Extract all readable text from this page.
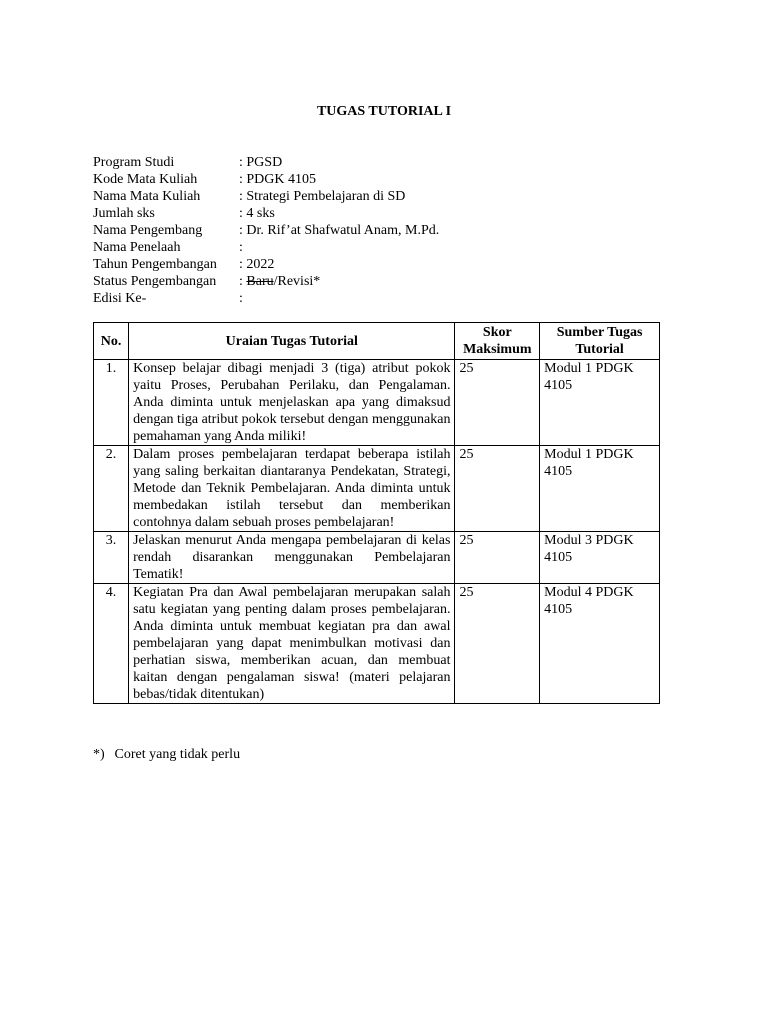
TUGAS TUTORIAL I
Program Studi	: PGSD
Kode Mata Kuliah	: PDGK 4105
Nama Mata Kuliah	: Strategi Pembelajaran di SD
Jumlah sks	: 4 sks
Nama Pengembang	: Dr. Rif’at Shafwatul Anam, M.Pd.
Nama Penelaah	:
Tahun Pengembangan	: 2022
Status Pengembangan	: Baru/Revisi*
Edisi Ke-	:
No.	Uraian Tugas Tutorial	Skor Maksimum	Sumber Tugas Tutorial
1.	Konsep belajar dibagi menjadi 3 (tiga) atribut pokok yaitu Proses, Perubahan Perilaku, dan Pengalaman. Anda diminta untuk menjelaskan apa yang dimaksud dengan tiga atribut pokok tersebut dengan menggunakan pemahaman yang Anda miliki!	25	Modul 1 PDGK 4105
2.	Dalam proses pembelajaran terdapat beberapa istilah yang saling berkaitan diantaranya Pendekatan, Strategi, Metode dan Teknik Pembelajaran. Anda diminta untuk membedakan istilah tersebut dan memberikan contohnya dalam sebuah proses pembelajaran!	25	Modul 1 PDGK 4105
3.	Jelaskan menurut Anda mengapa pembelajaran di kelas rendah disarankan menggunakan Pembelajaran Tematik!	25	Modul 3 PDGK 4105
4.	Kegiatan Pra dan Awal pembelajaran merupakan salah satu kegiatan yang penting dalam proses pembelajaran. Anda diminta untuk membuat kegiatan pra dan awal pembelajaran yang dapat menimbulkan motivasi dan perhatian siswa, memberikan acuan, dan membuat kaitan dengan pengalaman siswa! (materi pelajaran bebas/tidak ditentukan)	25	Modul 4 PDGK 4105
*) Coret yang tidak perlu
